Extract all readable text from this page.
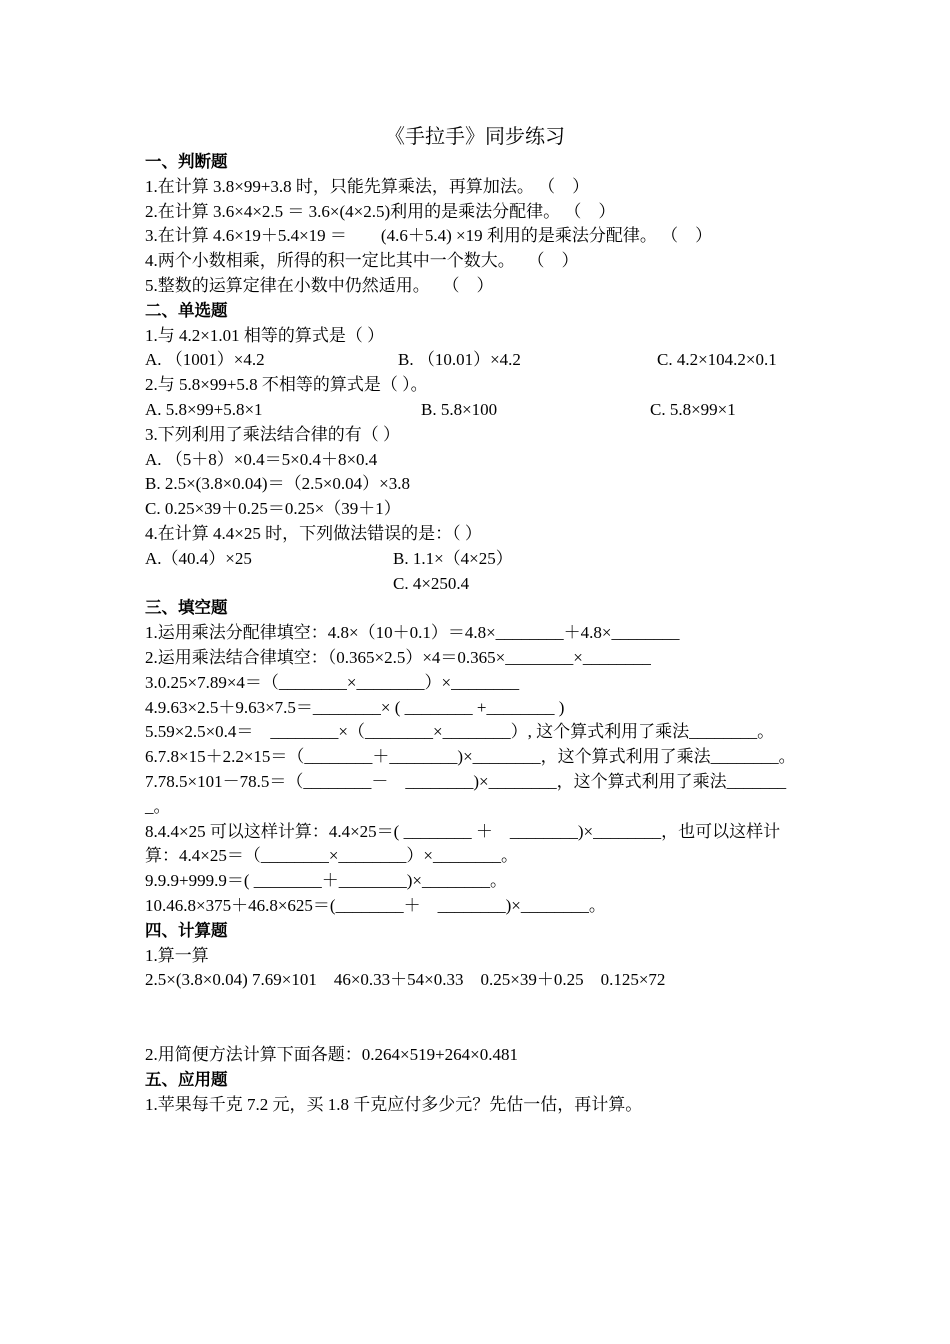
《手拉手》同步练习
一、判断题
1.在计算 3.8×99+3.8 时，只能先算乘法，再算加法。 （　）
2.在计算 3.6×4×2.5 ＝ 3.6×(4×2.5)利用的是乘法分配律。 （　）
3.在计算 4.6×19＋5.4×19 ＝　　(4.6＋5.4) ×19 利用的是乘法分配律。 （　）
4.两个小数相乘，所得的积一定比其中一个数大。　 （　）
5.整数的运算定律在小数中仍然适用。　 （　）
二、单选题
1.与 4.2×1.01 相等的算式是（ ）
A. （1001）×4.2	B. （10.01）×4.2	C. 4.2×104.2×0.1
2.与 5.8×99+5.8 不相等的算式是（ ）。
A. 5.8×99+5.8×1	B. 5.8×100	C. 5.8×99×1
3.下列利用了乘法结合律的有（ ）
A. （5＋8）×0.4＝5×0.4＋8×0.4
B. 2.5×(3.8×0.04)＝（2.5×0.04）×3.8
C. 0.25×39＋0.25＝0.25×（39＋1）
4.在计算 4.4×25 时，下列做法错误的是：（ ）
A.（40.4）×25	B. 1.1×（4×25）
C. 4×250.4
三、填空题
1.运用乘法分配律填空：4.8×（10＋0.1）＝4.8×________＋4.8×________
2.运用乘法结合律填空：（0.365×2.5）×4＝0.365×________×________
3.0.25×7.89×4＝（________×________）×________
4.9.63×2.5＋9.63×7.5＝________× ( ________ +________ )
5.59×2.5×0.4＝　________×（________×________）, 这个算式利用了乘法________。
6.7.8×15＋2.2×15＝（________＋________)×________，这个算式利用了乘法________。
7.78.5×101－78.5＝（________－　________)×________，这个算式利用了乘法________。
8.4.4×25 可以这样计算：4.4×25＝( ________ ＋　________)×________，也可以这样计算：4.4×25＝（________×________）×________。
9.9.9+999.9＝( ________＋________)×________。
10.46.8×375＋46.8×625＝(________＋　________)×________。
四、计算题
1.算一算
2.5×(3.8×0.04) 7.69×101　46×0.33＋54×0.33　0.25×39＋0.25　0.125×72
2.用简便方法计算下面各题：0.264×519+264×0.481
五、应用题
1.苹果每千克 7.2 元，买 1.8 千克应付多少元？先估一估，再计算。
